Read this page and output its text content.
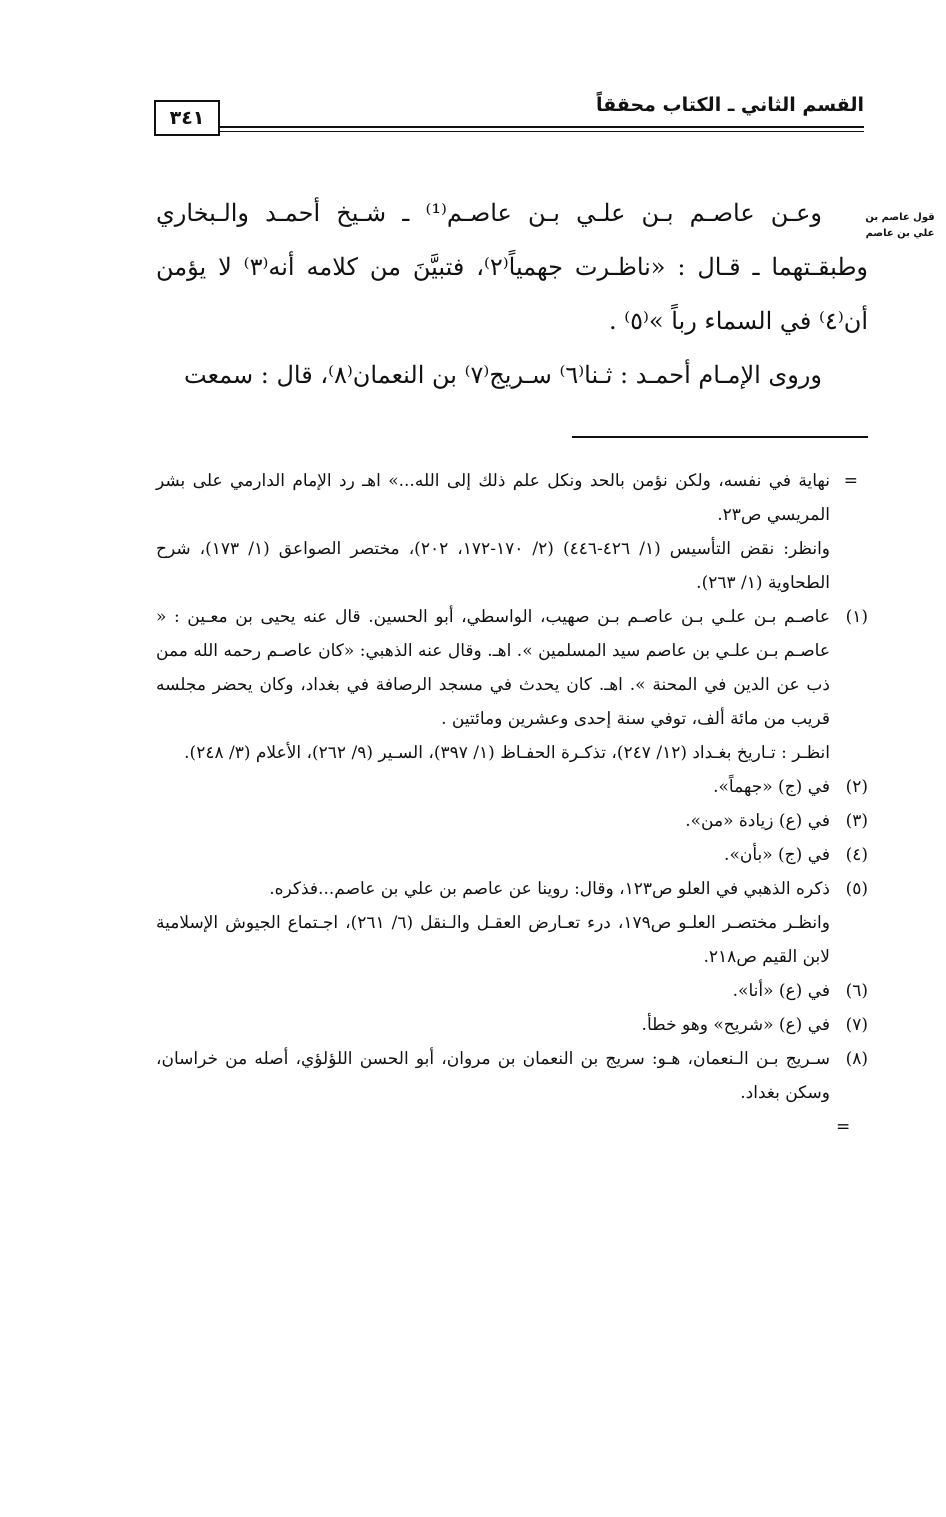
القسم الثاني ـ الكتاب محققاً
٣٤١
قول عاصم بن علي بن عاصم

وعـن عاصـم بـن علـي بـن عاصـم⁽¹⁾ ـ شـيخ أحمـد والـبخاري وطبقـتهما ـ قـال : «ناظـرت جهمياً⁽٢⁾، فتبيَّنَ من كلامه أنه⁽٣⁾ لا يؤمن أن⁽٤⁾ في السماء رباً »⁽٥⁾ .

وروى الإمـام أحمـد : ثـنا⁽٦⁾ سـريج⁽٧⁾ بن النعمان⁽٨⁾، قال : سمعت

=
نهاية في نفسه، ولكن نؤمن بالحد ونكل علم ذلك إلى الله...» اهـ رد الإمام الدارمي على بشر المريسي ص٢٣.
وانظر: نقض التأسيس (١/ ٤٢٦-٤٤٦) (٢/ ١٧٠-١٧٢، ٢٠٢)، مختصر الصواعق (١/ ١٧٣)، شرح الطحاوية (١/ ٢٦٣).
(١)
عاصـم بـن علـي بـن عاصـم بـن صهيب، الواسطي، أبو الحسين. قال عنه يحيى بن معـين : « عاصـم بـن علـي بن عاصم سيد المسلمين ». اهـ. وقال عنه الذهبي: «كان عاصـم رحمه الله ممن ذب عن الدين في المحنة ». اهـ. كان يحدث في مسجد الرصافة في بغداد، وكان يحضر مجلسه قريب من مائة ألف، توفي سنة إحدى وعشرين ومائتين .
انظـر : تـاريخ بغـداد (١٢/ ٢٤٧)، تذكـرة الحفـاظ (١/ ٣٩٧)، السـير (٩/ ٢٦٢)، الأعلام (٣/ ٢٤٨).
(٢)
في (ج) «جهماً».
(٣)
في (ع) زيادة «من».
(٤)
في (ج) «بأن».
(٥)
ذكره الذهبي في العلو ص١٢٣، وقال: روينا عن عاصم بن علي بن عاصم...فذكره.
وانظـر مختصـر العلـو ص١٧٩، درء تعـارض العقـل والـنقل (٦/ ٢٦١)، اجـتماع الجيوش الإسلامية لابن القيم ص٢١٨.
(٦)
في (ع) «أنا».
(٧)
في (ع) «شريح» وهو خطأ.
(٨)
سـريج بـن الـنعمان، هـو: سريج بن النعمان بن مروان، أبو الحسن اللؤلؤي، أصله من خراسان، وسكن بغداد.
=
